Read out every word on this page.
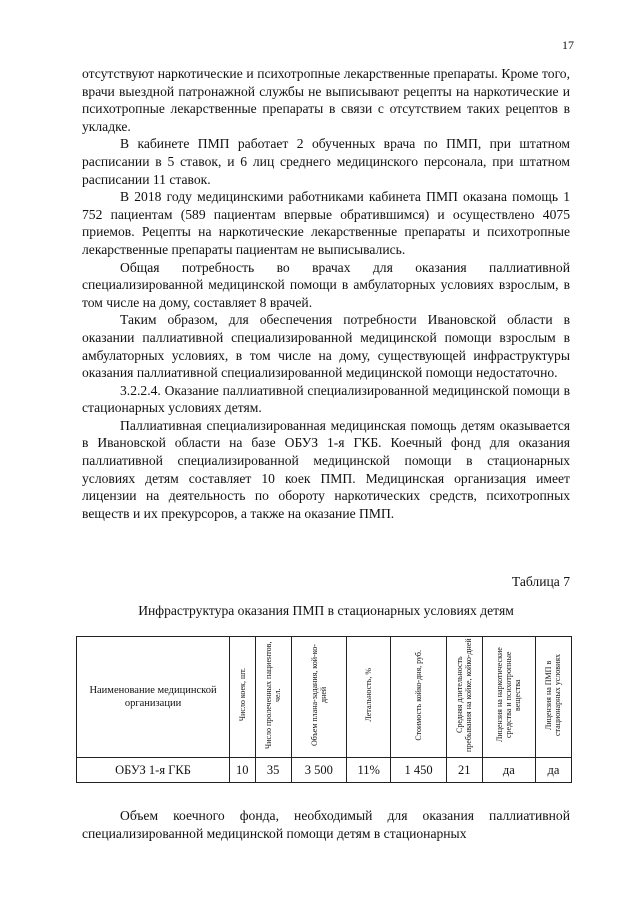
17

отсутствуют наркотические и психотропные лекарственные препараты. Кроме того, врачи выездной патронажной службы не выписывают рецепты на наркотические и психотропные лекарственные препараты в связи с отсутствием таких рецептов в укладке.

В кабинете ПМП работает 2 обученных врача по ПМП, при штатном расписании в 5 ставок, и 6 лиц среднего медицинского персонала, при штатном расписании 11 ставок.

В 2018 году медицинскими работниками кабинета ПМП оказана помощь 1 752 пациентам (589 пациентам впервые обратившимся) и осуществлено 4075 приемов. Рецепты на наркотические лекарственные препараты и психотропные лекарственные препараты пациентам не выписывались.

Общая потребность во врачах для оказания паллиативной специализированной медицинской помощи в амбулаторных условиях взрослым, в том числе на дому, составляет 8 врачей.

Таким образом, для обеспечения потребности Ивановской области в оказании паллиативной специализированной медицинской помощи взрослым в амбулаторных условиях, в том числе на дому, существующей инфраструктуры оказания паллиативной специализированной медицинской помощи недостаточно.

3.2.2.4. Оказание паллиативной специализированной медицинской помощи в стационарных условиях детям.

Паллиативная специализированная медицинская помощь детям оказывается в Ивановской области на базе ОБУЗ 1-я ГКБ. Коечный фонд для оказания паллиативной специализированной медицинской помощи в стационарных условиях детям составляет 10 коек ПМП. Медицинская организация имеет лицензии на деятельность по обороту наркотических средств, психотропных веществ и их прекурсоров, а также на оказание ПМП.

Таблица 7
Инфраструктура оказания ПМП в стационарных условиях детям
Наименование медицинской организации	Число коек, шт.	Число пролеченных пациентов, чел.	Объем плана-задания, кой-ко-дней	Летальность, %	Стоимость койко-дня, руб.	Средняя длительность пребывания на койке, койко-дней	Лицензия на наркотические средства и психотропные вещества	Лицензия на ПМП в стационарных условиях
ОБУЗ 1-я ГКБ	10	35	3 500	11%	1 450	21	да	да

Объем коечного фонда, необходимый для оказания паллиативной специализированной медицинской помощи детям в стационарных
